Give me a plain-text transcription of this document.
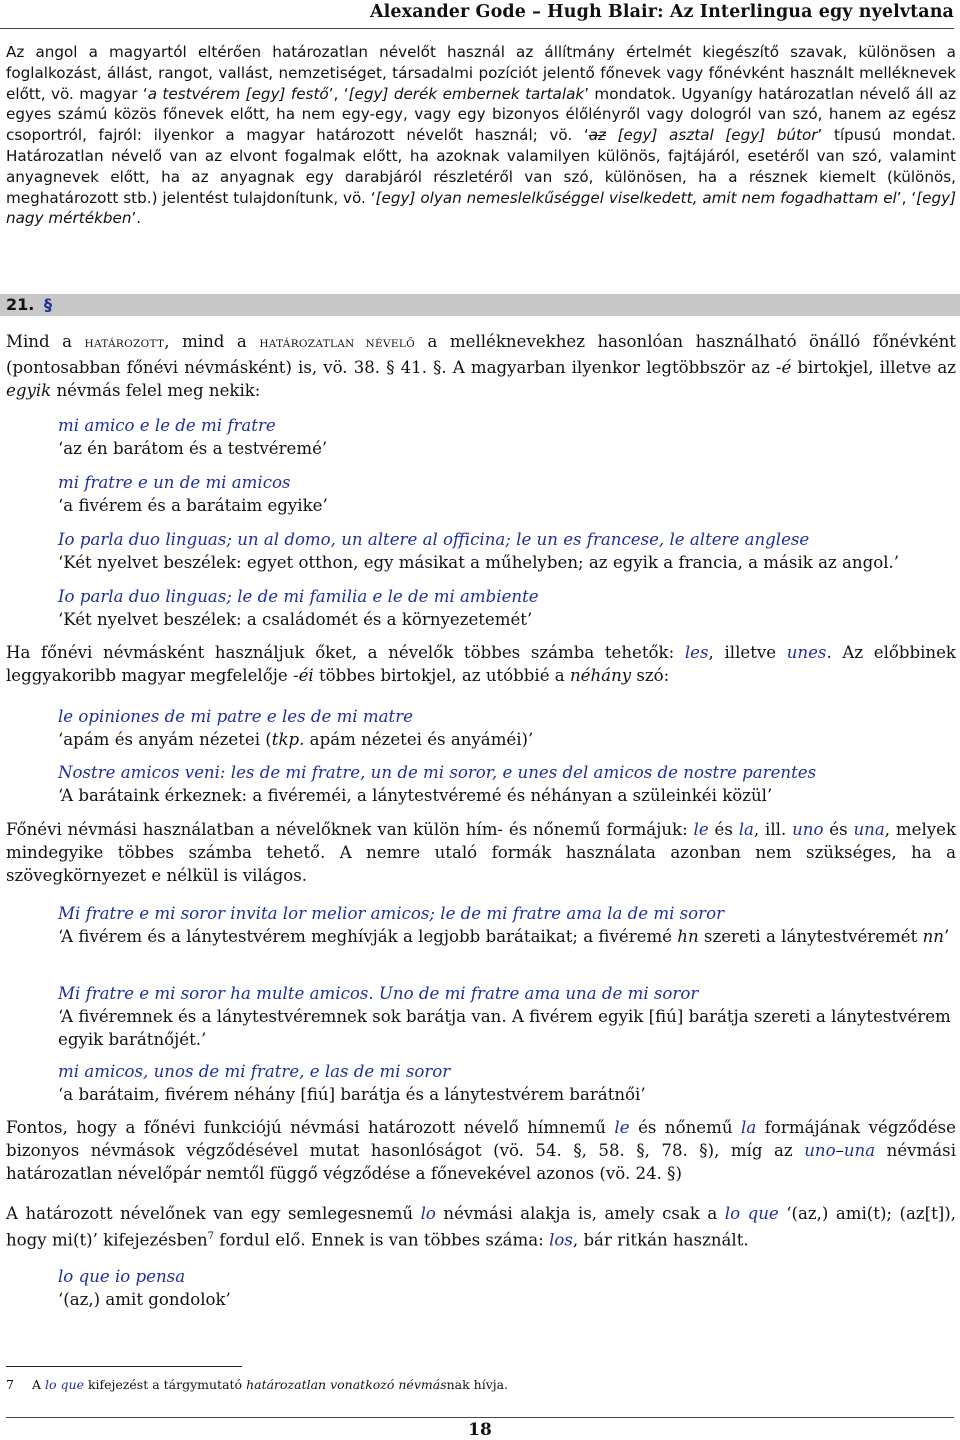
Alexander Gode – Hugh Blair: Az Interlingua egy nyelvtana
Az angol a magyartól eltérően határozatlan névelőt használ az állítmány értelmét kiegészítő szavak, különösen a foglalkozást, állást, rangot, vallást, nemzetiséget, társadalmi pozíciót jelentő főnevek vagy főnévként használt melléknevek előtt, vö. magyar ‘a testvérem [egy] festő’, ‘[egy] derék embernek tartalak’ mondatok. Ugyanígy határozatlan névelő áll az egyes számú közös főnevek előtt, ha nem egy-egy, vagy egy bizonyos élőlényről vagy dologról van szó, hanem az egész csoportról, fajról: ilyenkor a magyar határozott névelőt használ; vö. ‘az [egy] asztal [egy] bútor’ típusú mondat. Határozatlan névelő van az elvont fogalmak előtt, ha azoknak valamilyen különös, fajtájáról, esetéről van szó, valamint anyagnevek előtt, ha az anyagnak egy darabjáról részletéről van szó, különösen, ha a résznek kiemelt (különös, meghatározott stb.) jelentést tulajdonítunk, vö. ‘[egy] olyan nemeslelkűséggel viselkedett, amit nem fogadhattam el’, ‘[egy] nagy mértékben’.
21. §
Mind a HATÁROZOTT, mind a HATÁROZATLAN NÉVELŐ a melléknevekhez hasonlóan használható önálló főnévként (pontosabban főnévi névmásként) is, vö. 38. § 41. §. A magyarban ilyenkor legtöbbször az -é birtokjel, illetve az egyik névmás felel meg nekik:
mi amico e le de mi fratre
‘az én barátom és a testvéremé’
mi fratre e un de mi amicos
‘a fivérem és a barátaim egyike’
Io parla duo linguas; un al domo, un altere al officina; le un es francese, le altere anglese
‘Két nyelvet beszélek: egyet otthon, egy másikat a műhelyben; az egyik a francia, a másik az angol.’
Io parla duo linguas; le de mi familia e le de mi ambiente
‘Két nyelvet beszélek: a családomét és a környezetemét’
Ha főnévi névmásként használjuk őket, a névelők többes számba tehetők: les, illetve unes. Az előbbinek leggyakoribb magyar megfelelője -éi többes birtokjel, az utóbbié a néhány szó:
le opiniones de mi patre e les de mi matre
‘apám és anyám nézetei (tkp. apám nézetei és anyáméi)’
Nostre amicos veni: les de mi fratre, un de mi soror, e unes del amicos de nostre parentes
‘A barátaink érkeznek: a fivéreméi, a lánytestvéremé és néhányan a szüleinkéi közül’
Főnévi névmási használatban a névelőknek van külön hím- és nőnemű formájuk: le és la, ill. uno és una, melyek mindegyike többes számba tehető. A nemre utaló formák használata azonban nem szükséges, ha a szövegkörnyezet e nélkül is világos.
Mi fratre e mi soror invita lor melior amicos; le de mi fratre ama la de mi soror
‘A fivérem és a lánytestvérem meghívják a legjobb barátaikat; a fivéremé hn szereti a lánytestvéremét nn’
Mi fratre e mi soror ha multe amicos. Uno de mi fratre ama una de mi soror
‘A fivéremnek és a lánytestvéremnek sok barátja van. A fivérem egyik [fiú] barátja szereti a lánytestvérem egyik barátnőjét.’
mi amicos, unos de mi fratre, e las de mi soror
‘a barátaim, fivérem néhány [fiú] barátja és a lánytestvérem barátnői’
Fontos, hogy a főnévi funkciójú névmási határozott névelő hímnemű le és nőnemű la formájának végződése bizonyos névmások végződésével mutat hasonlóságot (vö. 54. §, 58. §, 78. §), míg az uno–una névmási határozatlan névelőpár nemtől függő végződése a főnevekével azonos (vö. 24. §)
A határozott névelőnek van egy semlegesnemű lo névmási alakja is, amely csak a lo que ‘(az,) ami(t); (az[t]), hogy mi(t)’ kifejezésben$^7$ fordul elő. Ennek is van többes száma: los, bár ritkán használt.
lo que io pensa
‘(az,) amit gondolok’
7 A lo que kifejezést a tárgymutató határozatlan vonatkozó névmásnak hívja.
18
